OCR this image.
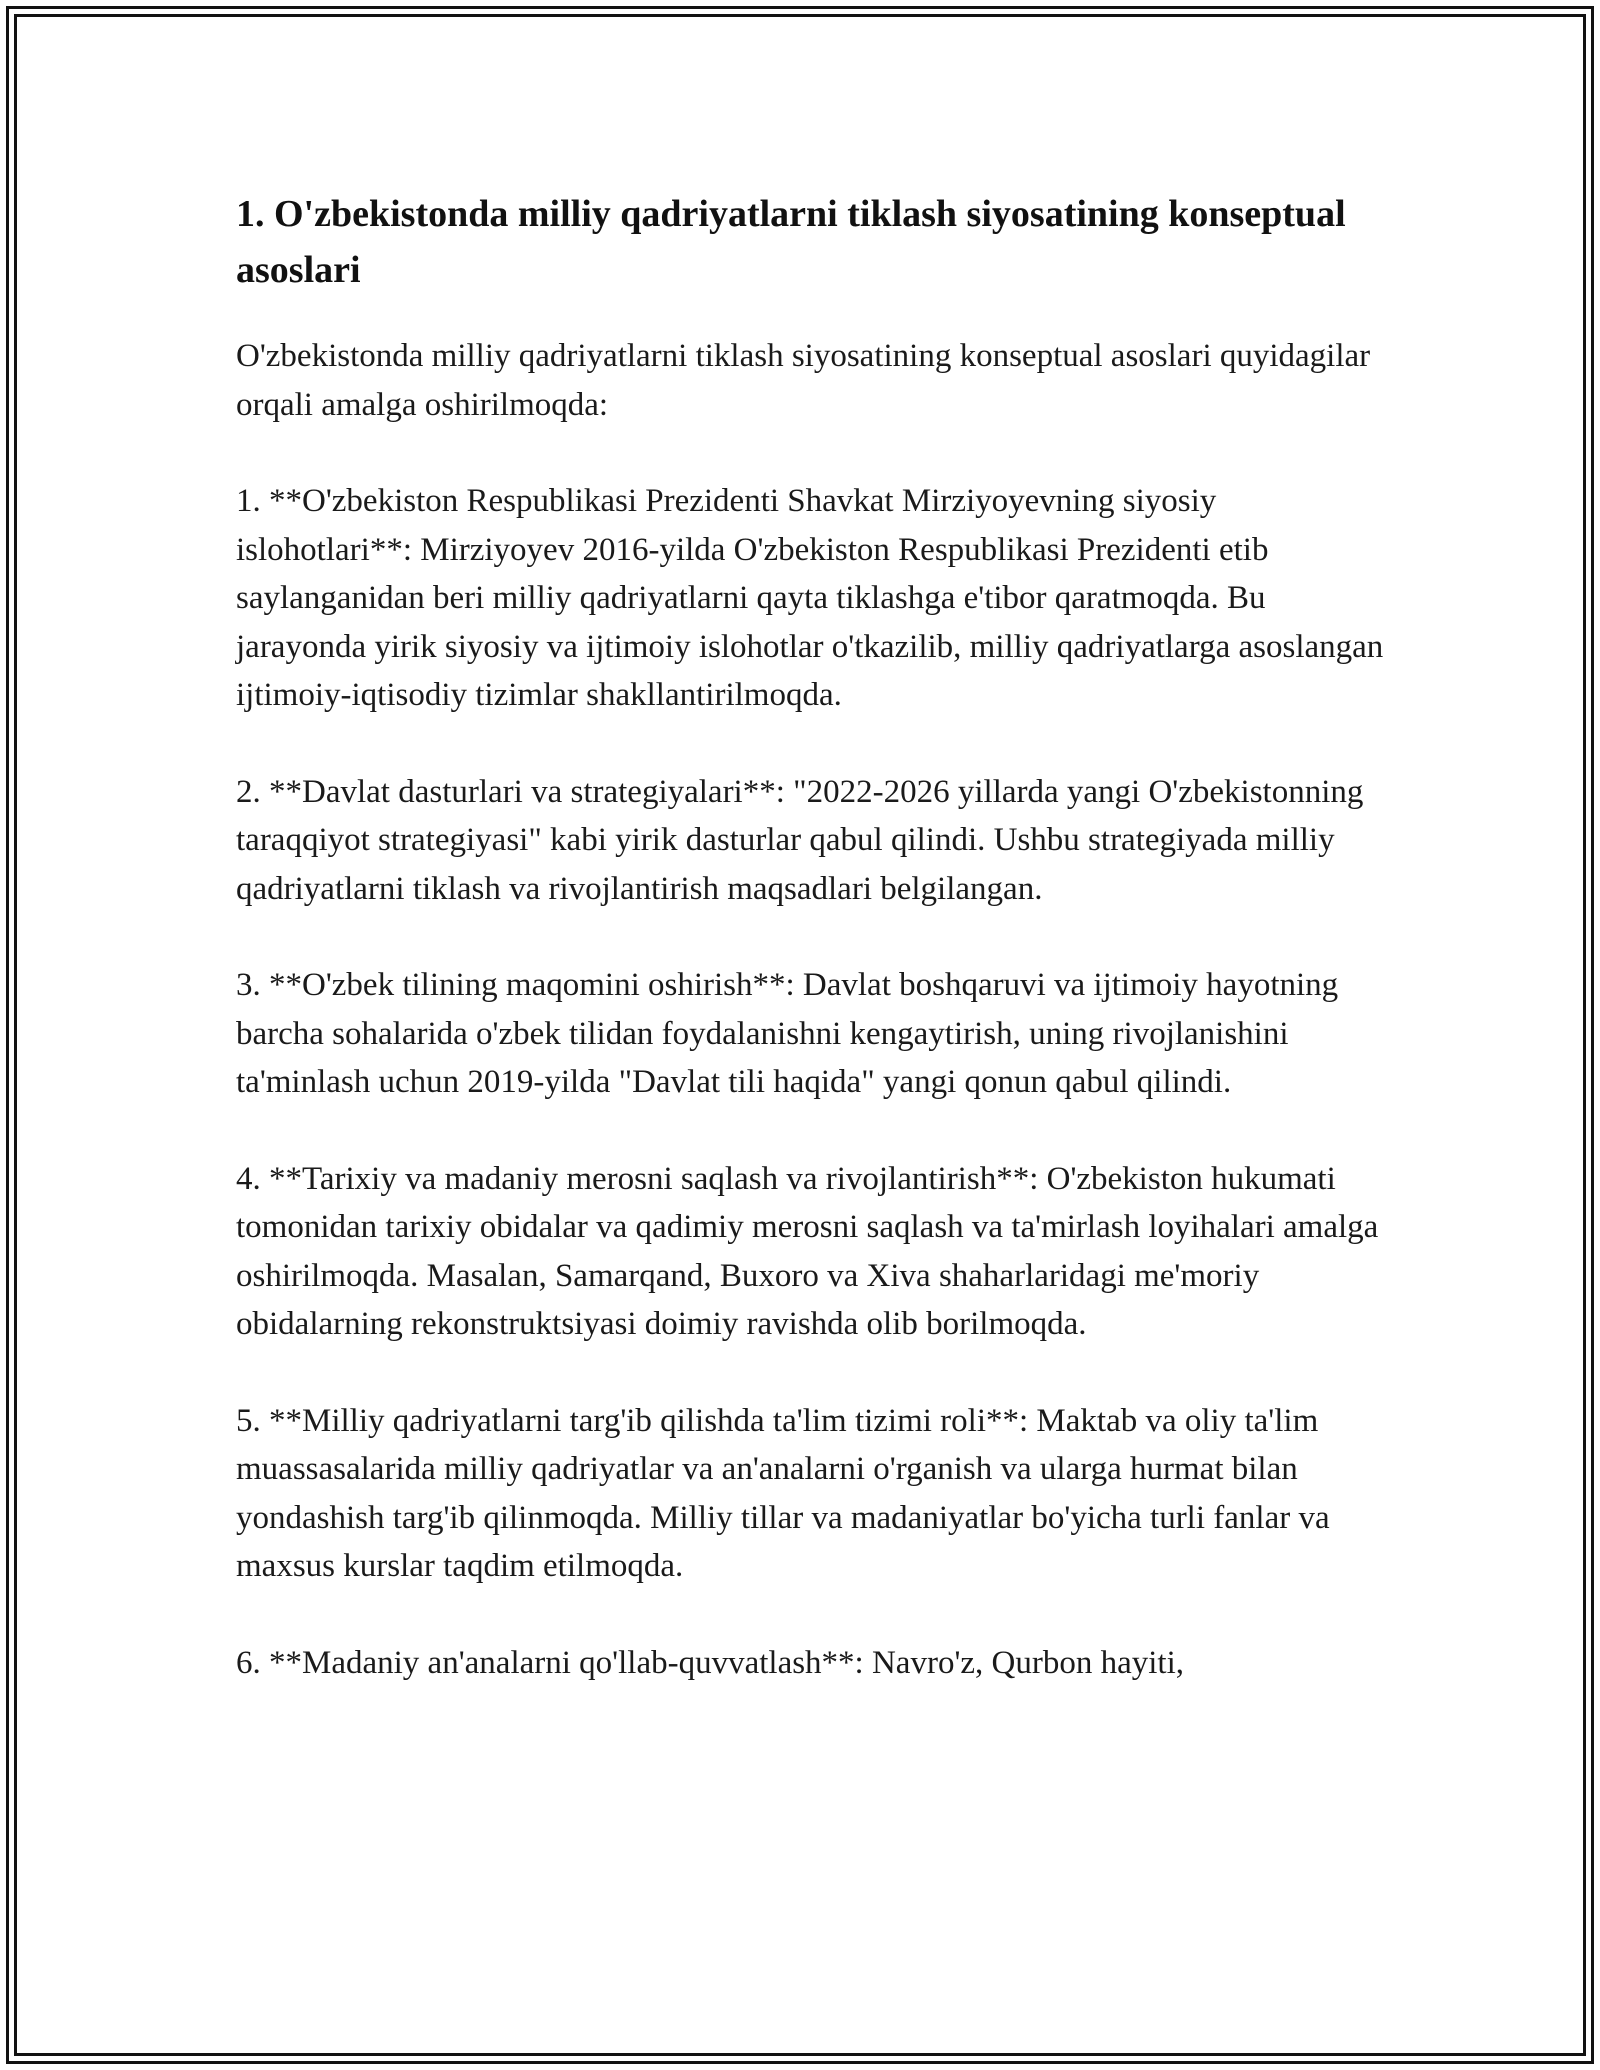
1. O'zbekistonda milliy qadriyatlarni tiklash siyosatining konseptual asoslari

O'zbekistonda milliy qadriyatlarni tiklash siyosatining konseptual asoslari quyidagilar orqali amalga oshirilmoqda:

1. **O'zbekiston Respublikasi Prezidenti Shavkat Mirziyoyevning siyosiy islohotlari**: Mirziyoyev 2016-yilda O'zbekiston Respublikasi Prezidenti etib saylanganidan beri milliy qadriyatlarni qayta tiklashga e'tibor qaratmoqda. Bu jarayonda yirik siyosiy va ijtimoiy islohotlar o'tkazilib, milliy qadriyatlarga asoslangan ijtimoiy-iqtisodiy tizimlar shakllantirilmoqda.

2. **Davlat dasturlari va strategiyalari**: "2022-2026 yillarda yangi O'zbekistonning taraqqiyot strategiyasi" kabi yirik dasturlar qabul qilindi. Ushbu strategiyada milliy qadriyatlarni tiklash va rivojlantirish maqsadlari belgilangan.

3. **O'zbek tilining maqomini oshirish**: Davlat boshqaruvi va ijtimoiy hayotning barcha sohalarida o'zbek tilidan foydalanishni kengaytirish, uning rivojlanishini ta'minlash uchun 2019-yilda "Davlat tili haqida" yangi qonun qabul qilindi.

4. **Tarixiy va madaniy merosni saqlash va rivojlantirish**: O'zbekiston hukumati tomonidan tarixiy obidalar va qadimiy merosni saqlash va ta'mirlash loyihalari amalga oshirilmoqda. Masalan, Samarqand, Buxoro va Xiva shaharlaridagi me'moriy obidalarning rekonstruktsiyasi doimiy ravishda olib borilmoqda.

5. **Milliy qadriyatlarni targ'ib qilishda ta'lim tizimi roli**: Maktab va oliy ta'lim muassasalarida milliy qadriyatlar va an'analarni o'rganish va ularga hurmat bilan yondashish targ'ib qilinmoqda. Milliy tillar va madaniyatlar bo'yicha turli fanlar va maxsus kurslar taqdim etilmoqda.

6. **Madaniy an'analarni qo'llab-quvvatlash**: Navro'z, Qurbon hayiti,
